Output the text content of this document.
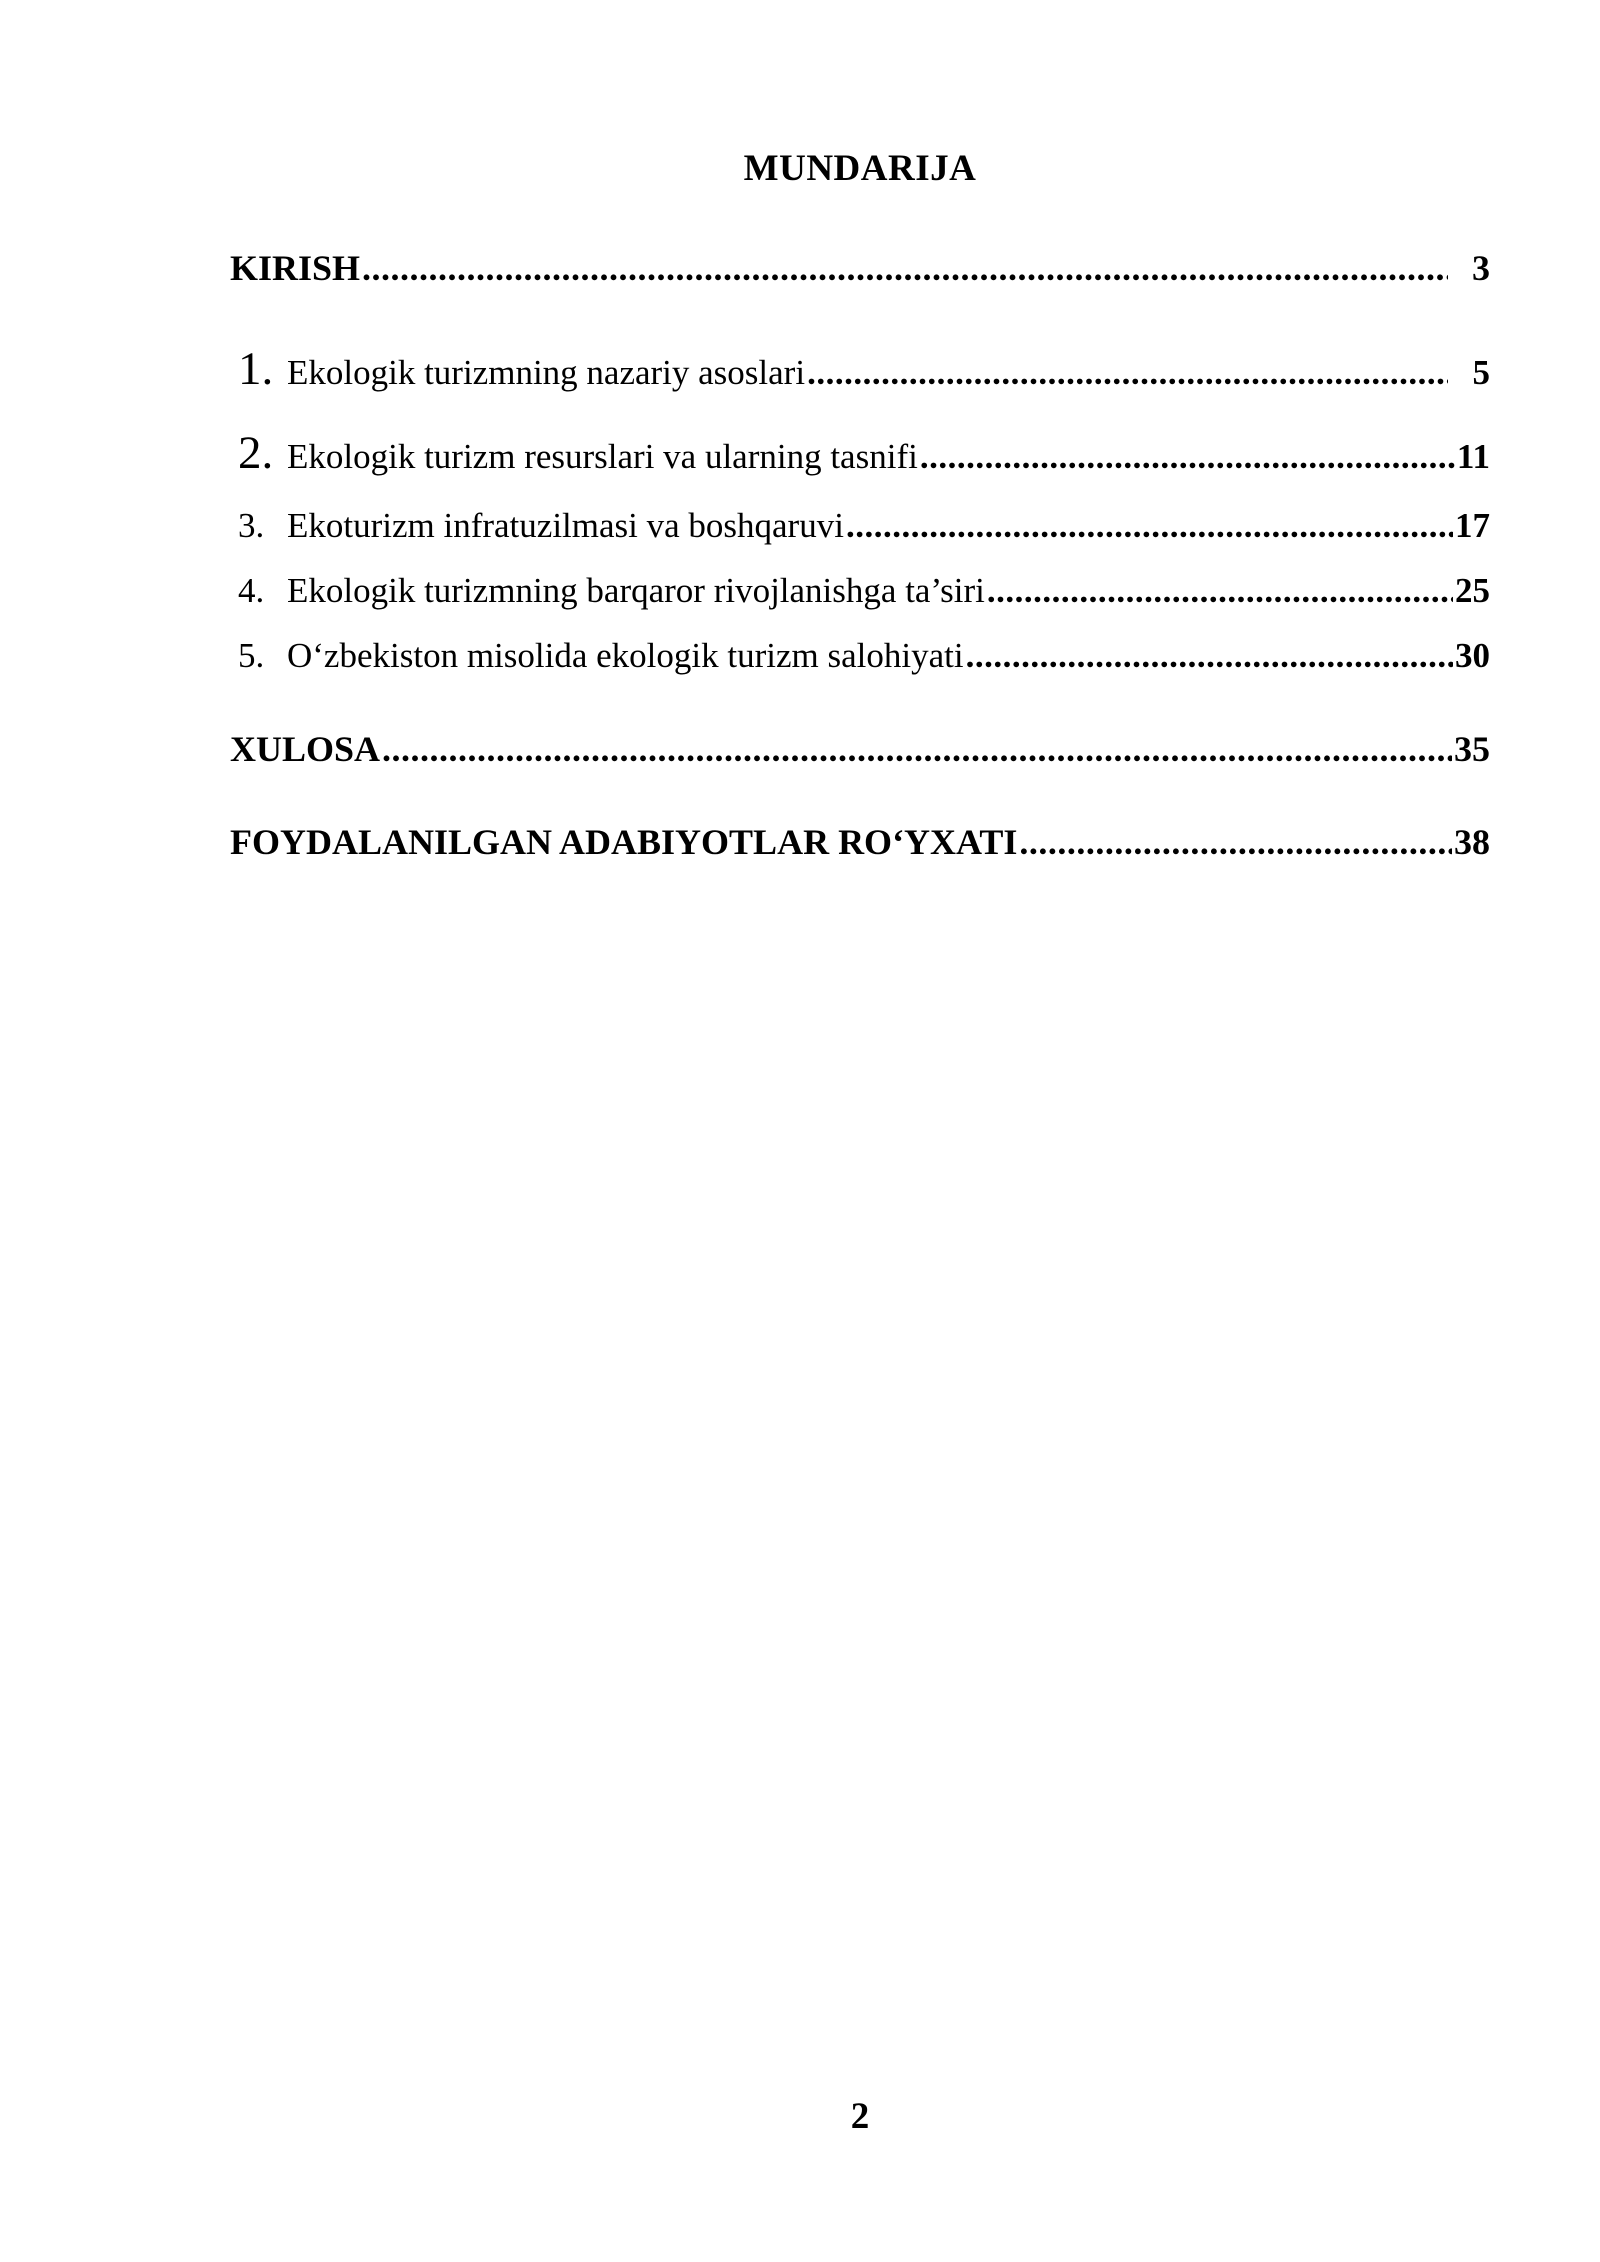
MUNDARIJA
KIRISH .....	3
1. Ekologik turizmning nazariy asoslari .....	5
2. Ekologik turizm resurslari va ularning tasnifi .....	11
3. Ekoturizm infratuzilmasi va boshqaruvi .....	17
4. Ekologik turizmning barqaror rivojlanishga ta’siri .....	25
5. O‘zbekiston misolida ekologik turizm salohiyati .....	30
XULOSA .....	35
FOYDALANILGAN ADABIYOTLAR RO‘YXATI .....	38
2
